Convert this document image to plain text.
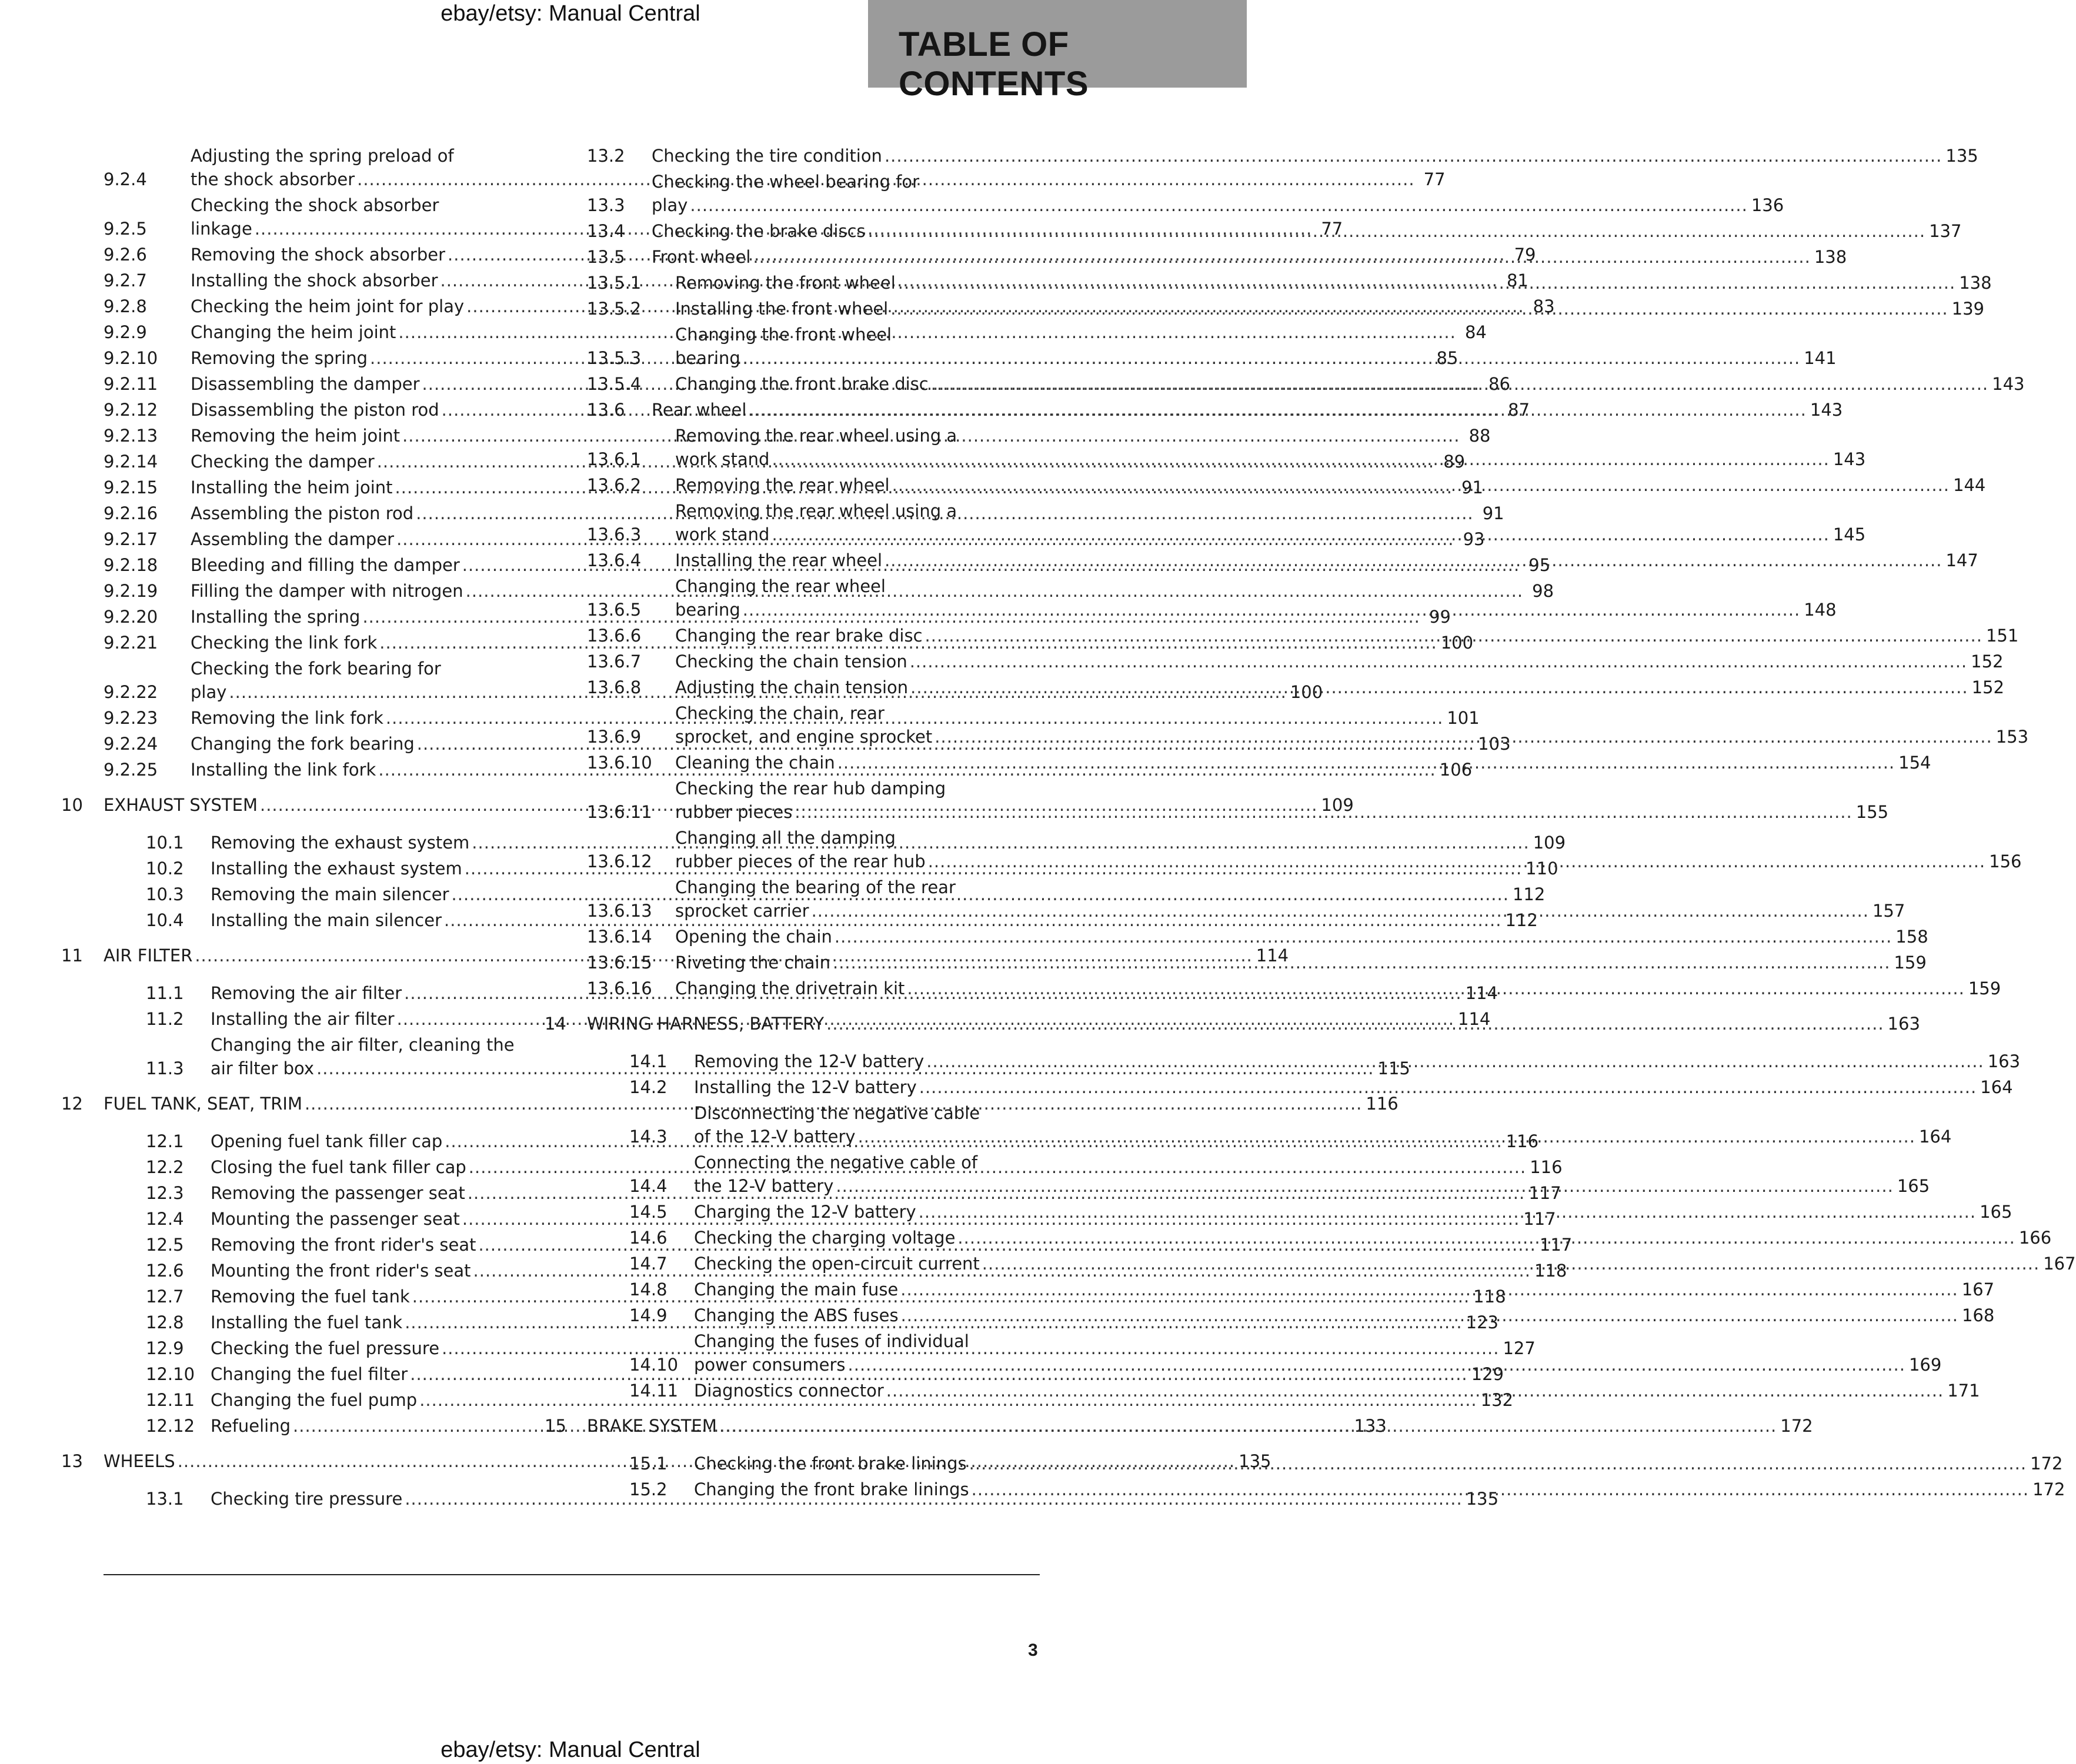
ebay/etsy: Manual Central
TABLE OF CONTENTS
9.2.4
Adjusting the spring preload of
the shock absorber .....	77
9.2.5
Checking the shock absorber
linkage .....	77
9.2.6	Removing the shock absorber .....	79
9.2.7	Installing the shock absorber .....	81
9.2.8	Checking the heim joint for play .....	83
9.2.9	Changing the heim joint .....	84
9.2.10	Removing the spring .....	85
9.2.11	Disassembling the damper .....	86
9.2.12	Disassembling the piston rod .....	87
9.2.13	Removing the heim joint .....	88
9.2.14	Checking the damper .....	89
9.2.15	Installing the heim joint .....	91
9.2.16	Assembling the piston rod .....	91
9.2.17	Assembling the damper .....	93
9.2.18	Bleeding and filling the damper .....	95
9.2.19	Filling the damper with nitrogen .....	98
9.2.20	Installing the spring .....	99
9.2.21	Checking the link fork .....	100
9.2.22
Checking the fork bearing for
play .....	100
9.2.23	Removing the link fork .....	101
9.2.24	Changing the fork bearing .....	103
9.2.25	Installing the link fork .....	106
10	EXHAUST SYSTEM .....	109
10.1	Removing the exhaust system .....	109
10.2	Installing the exhaust system .....	110
10.3	Removing the main silencer .....	112
10.4	Installing the main silencer .....	112
11	AIR FILTER .....	114
11.1	Removing the air filter .....	114
11.2	Installing the air filter .....	114
11.3
Changing the air filter, cleaning the
air filter box .....	115
12	FUEL TANK, SEAT, TRIM .....	116
12.1	Opening fuel tank filler cap .....	116
12.2	Closing the fuel tank filler cap .....	116
12.3	Removing the passenger seat .....	117
12.4	Mounting the passenger seat .....	117
12.5	Removing the front rider's seat .....	117
12.6	Mounting the front rider's seat .....	118
12.7	Removing the fuel tank .....	118
12.8	Installing the fuel tank .....	123
12.9	Checking the fuel pressure .....	127
12.10 Changing the fuel filter .....	129
12.11 Changing the fuel pump .....	132
12.12 Refueling .....	133
13	WHEELS .....	135
13.1	Checking tire pressure .....	135
13.2	Checking the tire condition .....	135
13.3
Checking the wheel bearing for
play .....	136
13.4	Checking the brake discs .....	137
13.5	Front wheel .....	138
13.5.1	Removing the front wheel .....	138
13.5.2	Installing the front wheel .....	139
13.5.3
Changing the front wheel
bearing .....	141
13.5.4	Changing the front brake disc .....	143
13.6	Rear wheel .....	143
13.6.1
Removing the rear wheel using a
work stand .....	143
13.6.2	Removing the rear wheel .....	144
13.6.3
Removing the rear wheel using a
work stand .....	145
13.6.4	Installing the rear wheel .....	147
13.6.5
Changing the rear wheel
bearing .....	148
13.6.6	Changing the rear brake disc .....	151
13.6.7	Checking the chain tension .....	152
13.6.8	Adjusting the chain tension .....	152
13.6.9
Checking the chain, rear
sprocket, and engine sprocket .....	153
13.6.10	Cleaning the chain .....	154
13.6.11
Checking the rear hub damping
rubber pieces .....	155
13.6.12
Changing all the damping
rubber pieces of the rear hub .....	156
13.6.13
Changing the bearing of the rear
sprocket carrier .....	157
13.6.14	Opening the chain .....	158
13.6.15	Riveting the chain .....	159
13.6.16	Changing the drivetrain kit .....	159
14	WIRING HARNESS, BATTERY .....	163
14.1	Removing the 12-V battery .....	163
14.2	Installing the 12-V battery .....	164
14.3
Disconnecting the negative cable
of the 12-V battery .....	164
14.4
Connecting the negative cable of
the 12-V battery .....	165
14.5	Charging the 12-V battery .....	165
14.6	Checking the charging voltage .....	166
14.7	Checking the open-circuit current .....	167
14.8	Changing the main fuse .....	167
14.9	Changing the ABS fuses .....	168
14.10
Changing the fuses of individual
power consumers .....	169
14.11 Diagnostics connector .....	171
15	BRAKE SYSTEM .....	172
15.1	Checking the front brake linings .....	172
15.2	Changing the front brake linings .....	172
3
ebay/etsy: Manual Central
